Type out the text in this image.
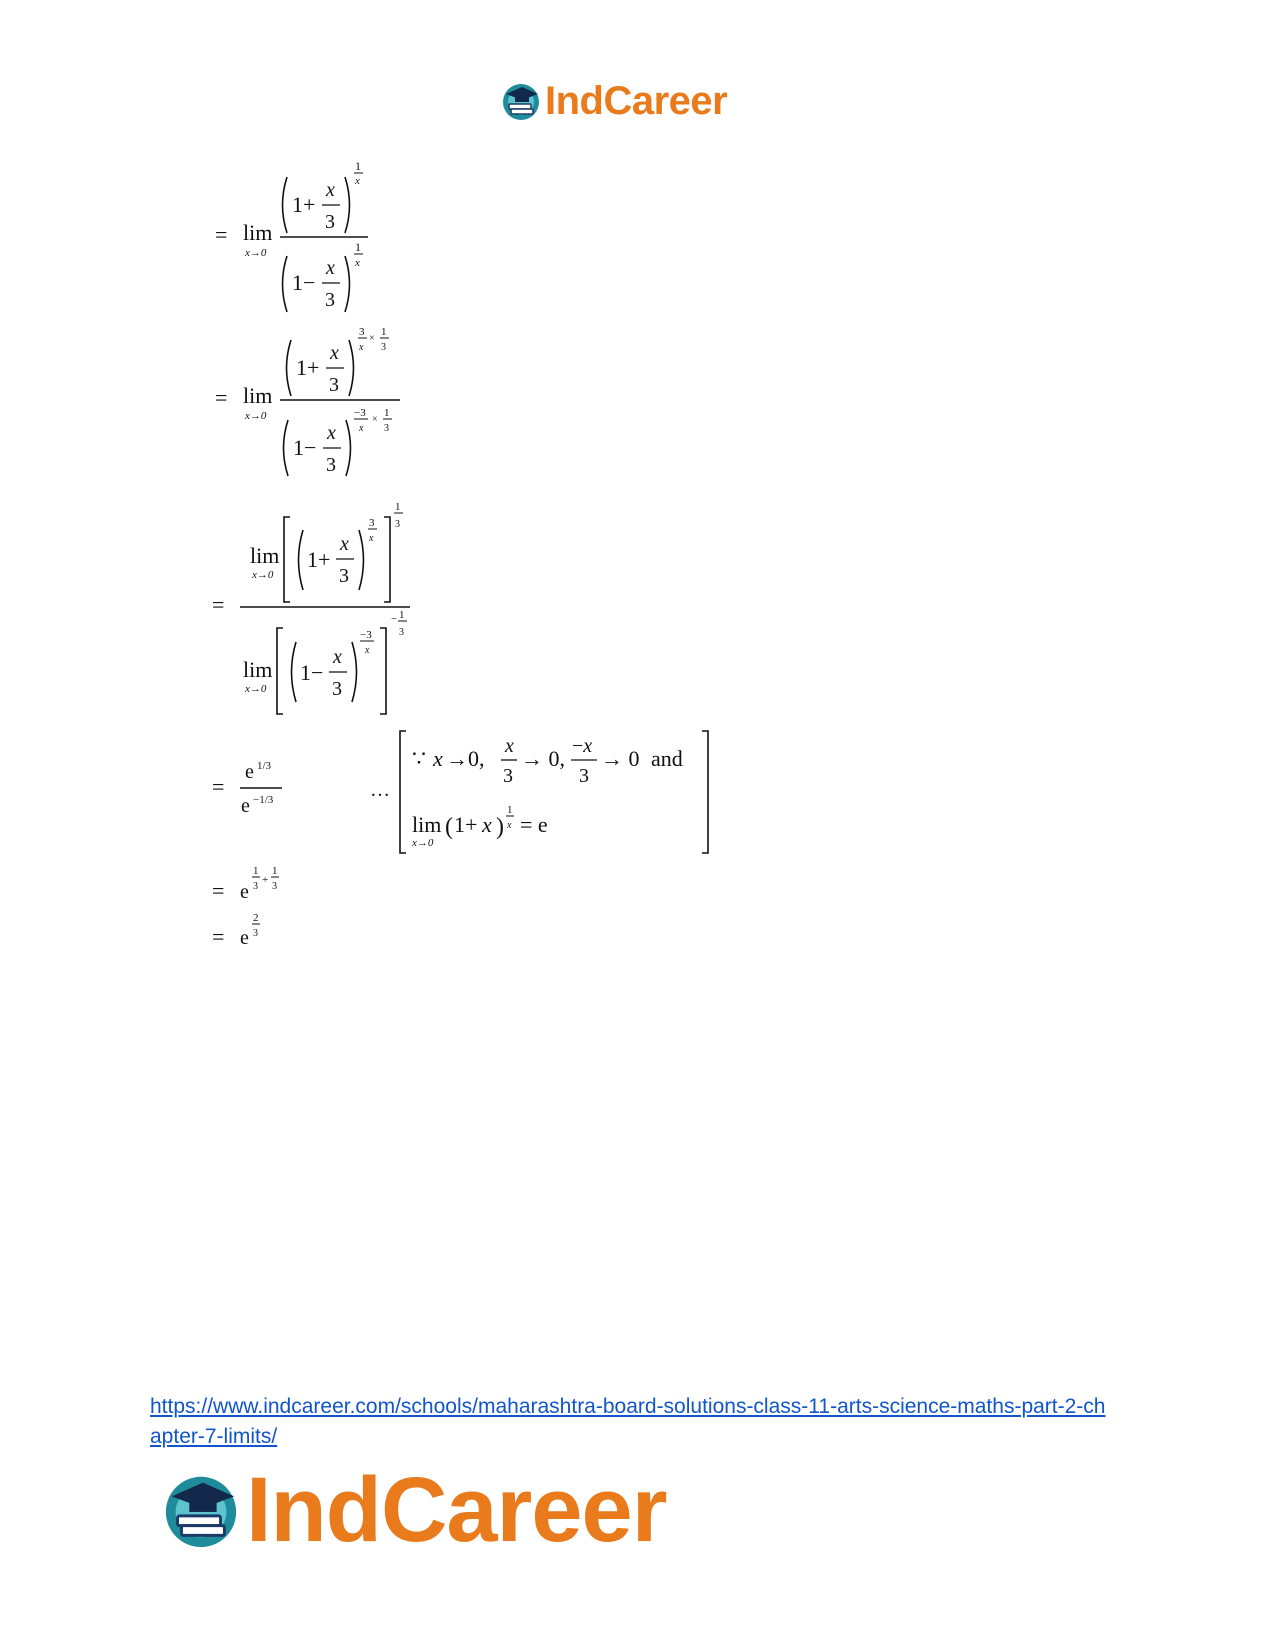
IndCareer
= lim
x→0
1+
x
3
1
x
1−
x
3
1
x
= lim
x→0
1+
x
3
3
x
×
1
3
1−
x
3
−3
x
×
1
3
=
lim
x→0
1+
x
3
3
x
1
3
lim
x→0
1−
x
3
−3
x
− 1
3
=
e 1/3
e −1/3	…
∵ x →0, x
3
→ 0, −x
3
→ 0 and
lim
x→0
( 1+ x )
1
x = e
= e
1
3
+
1
3
= e
2
3
https://www.indcareer.com/schools/maharashtra-board-solutions-class-11-arts-science-maths-part-2-chapter-7-limits/
IndCareer
